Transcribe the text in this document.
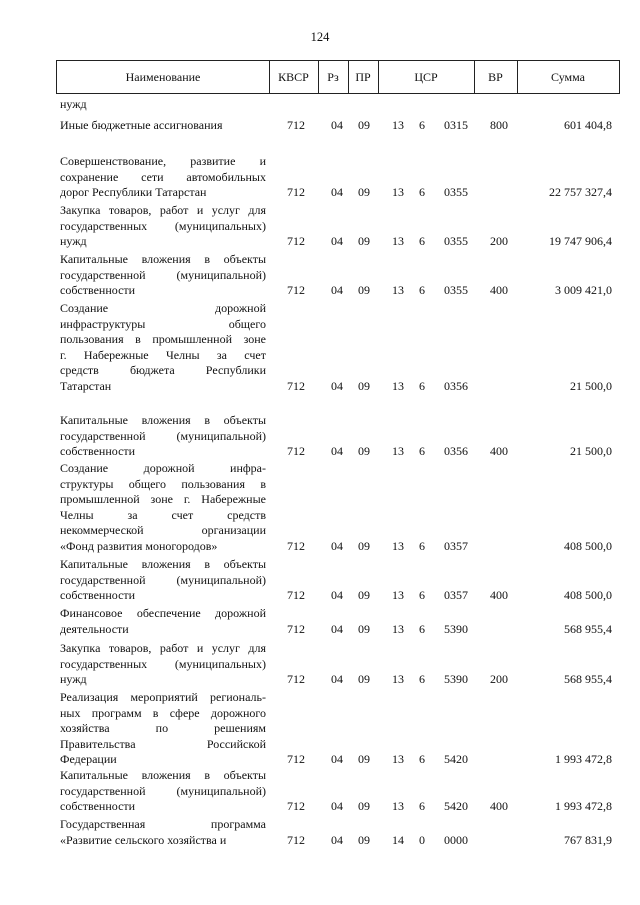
124
Наименование	КВСР	Рз	ПР	ЦСР	ВР	Сумма
нужд
Иные бюджетные ассигнования	712 04 09 13 6 0315 800	601 404,8
Совершенствование, развитие и
сохранение сети автомобильных
дорог Республики Татарстан	712 04 09 13 6 0355	22 757 327,4
Закупка товаров, работ и услуг для
государственных (муниципальных)
нужд	712 04 09 13 6 0355 200	19 747 906,4
Капитальные вложения в объекты
государственной (муниципальной)
собственности	712 04 09 13 6 0355 400	3 009 421,0
Создание дорожной
инфраструктуры общего
пользования в промышленной зоне
г. Набережные Челны за счет
средств бюджета Республики
Татарстан	712 04 09 13 6 0356	21 500,0
Капитальные вложения в объекты
государственной (муниципальной)
собственности	712 04 09 13 6 0356 400	21 500,0
Создание дорожной инфра-
структуры общего пользования в
промышленной зоне г. Набережные
Челны за счет средств
некоммерческой организации
«Фонд развития моногородов»	712 04 09 13 6 0357	408 500,0
Капитальные вложения в объекты
государственной (муниципальной)
собственности	712 04 09 13 6 0357 400	408 500,0
Финансовое обеспечение дорожной
деятельности	712 04 09 13 6 5390	568 955,4
Закупка товаров, работ и услуг для
государственных (муниципальных)
нужд	712 04 09 13 6 5390 200	568 955,4
Реализация мероприятий региональ-
ных программ в сфере дорожного
хозяйства по решениям
Правительства Российской
Федерации	712 04 09 13 6 5420	1 993 472,8
Капитальные вложения в объекты
государственной (муниципальной)
собственности	712 04 09 13 6 5420 400	1 993 472,8
Государственная программа
«Развитие сельского хозяйства и	712 04 09 14 0 0000	767 831,9
